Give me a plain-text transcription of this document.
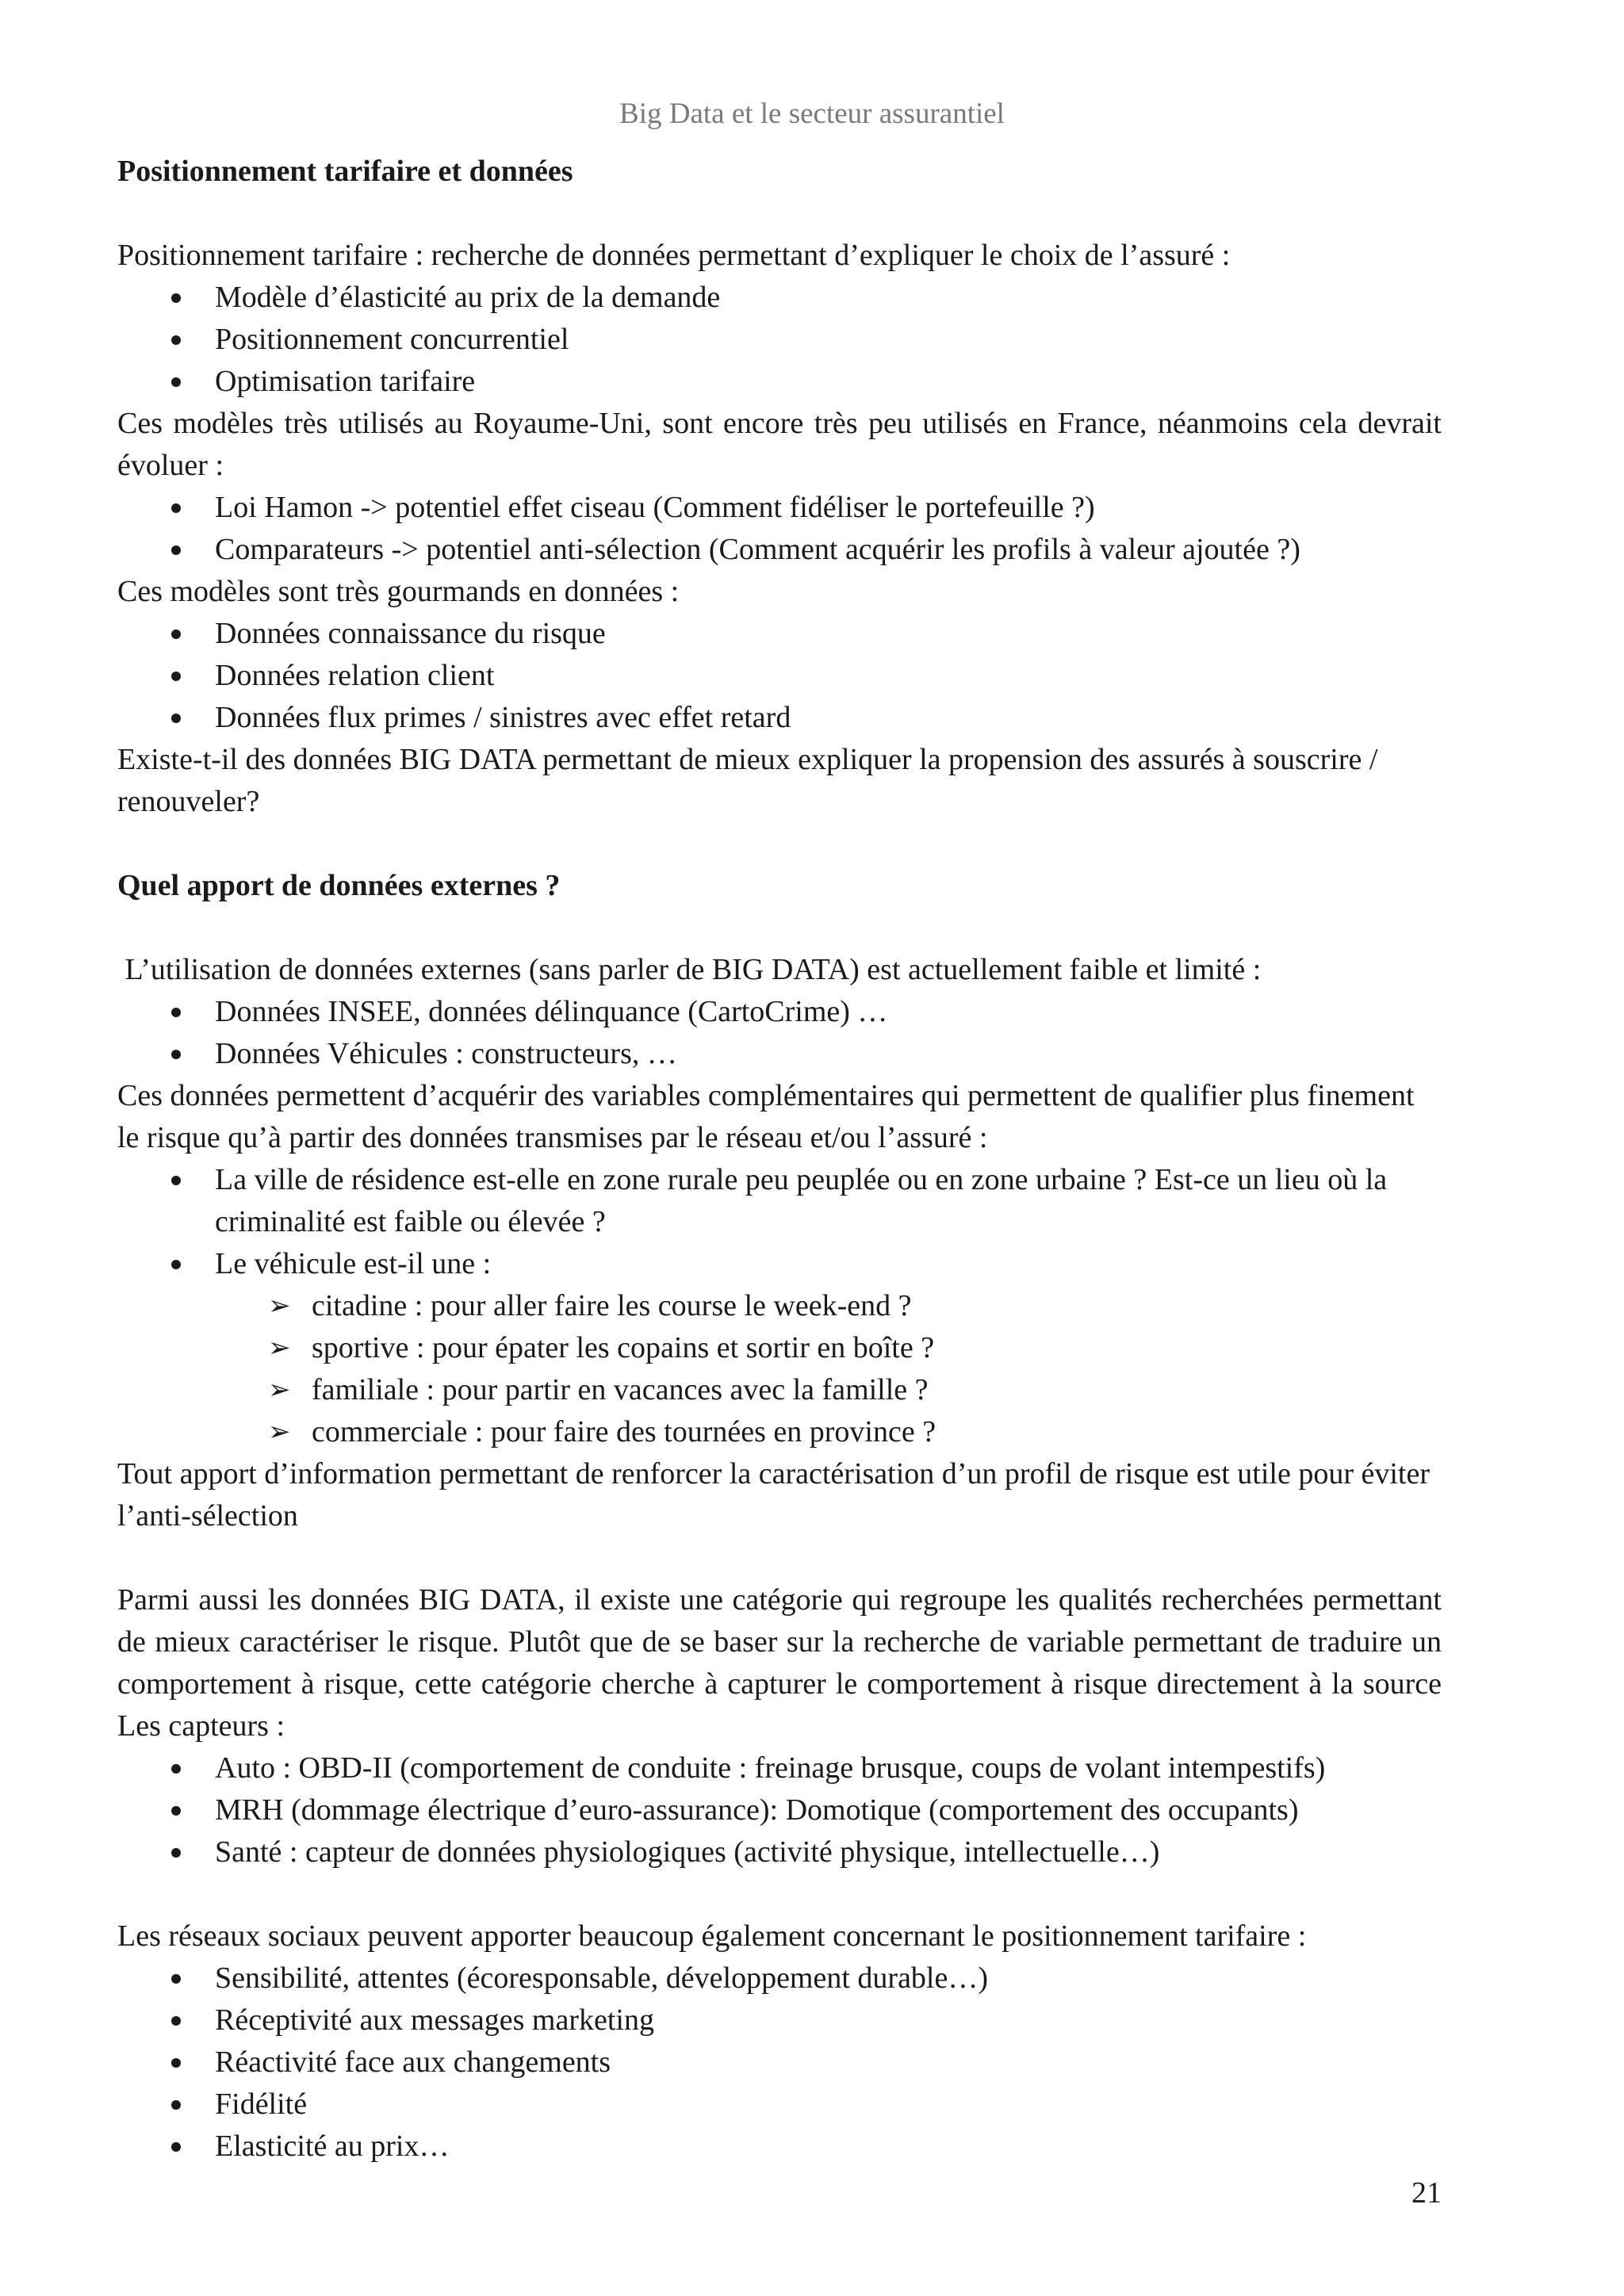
Big Data et le secteur assurantiel

Positionnement tarifaire et données

Positionnement tarifaire : recherche de données permettant d’expliquer le choix de l’assuré :

Modèle d’élasticité au prix de la demande
Positionnement concurrentiel
Optimisation tarifaire

Ces modèles très utilisés au Royaume-Uni, sont encore très peu utilisés en France, néanmoins cela devrait évoluer :

Loi Hamon -> potentiel effet ciseau (Comment fidéliser le portefeuille ?)
Comparateurs -> potentiel anti-sélection (Comment acquérir les profils à valeur ajoutée ?)

Ces modèles sont très gourmands en données :

Données connaissance du risque
Données relation client
Données flux primes / sinistres avec effet retard

Existe-t-il des données BIG DATA permettant de mieux expliquer la propension des assurés à souscrire / renouveler?

Quel apport de données externes ?

L’utilisation de données externes (sans parler de BIG DATA) est actuellement faible et limité :

Données INSEE, données délinquance (CartoCrime) …
Données Véhicules : constructeurs, …

Ces données permettent d’acquérir des variables complémentaires qui permettent de qualifier plus finement le risque qu’à partir des données transmises par le réseau et/ou l’assuré :

La ville de résidence est-elle en zone rurale peu peuplée ou en zone urbaine ? Est-ce un lieu où la criminalité est faible ou élevée ?
Le véhicule est-il une :
➢ citadine : pour aller faire les course le week-end ?
➢ sportive : pour épater les copains et sortir en boîte ?
➢ familiale : pour partir en vacances avec la famille ?
➢ commerciale : pour faire des tournées en province ?

Tout apport d’information permettant de renforcer la caractérisation d’un profil de risque est utile pour éviter l’anti-sélection

Parmi aussi les données BIG DATA, il existe une catégorie qui regroupe les qualités recherchées permettant de mieux caractériser le risque. Plutôt que de se baser sur la recherche de variable permettant de traduire un comportement à risque, cette catégorie cherche à capturer le comportement à risque directement à la source Les capteurs :

Auto : OBD-II (comportement de conduite : freinage brusque, coups de volant intempestifs)
MRH (dommage électrique d’euro-assurance): Domotique (comportement des occupants)
Santé : capteur de données physiologiques (activité physique, intellectuelle…)

Les réseaux sociaux peuvent apporter beaucoup également concernant le positionnement tarifaire :

Sensibilité, attentes (écoresponsable, développement durable…)
Réceptivité aux messages marketing
Réactivité face aux changements
Fidélité
Elasticité au prix…
21
